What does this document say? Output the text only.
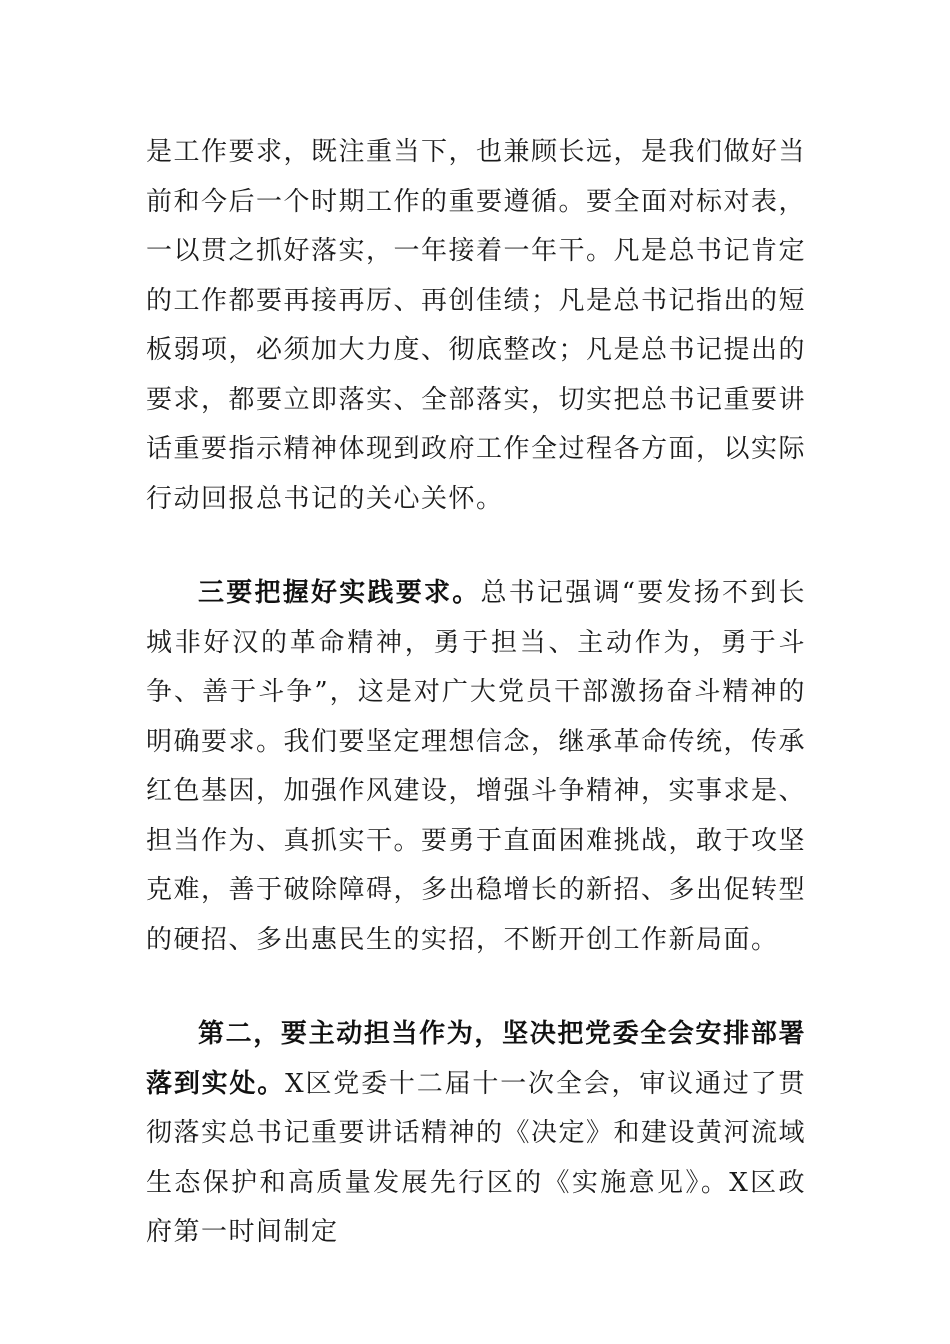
是工作要求，既注重当下，也兼顾长远，是我们做好当前和今后一个时期工作的重要遵循。要全面对标对表，一以贯之抓好落实，一年接着一年干。凡是总书记肯定的工作都要再接再厉、再创佳绩；凡是总书记指出的短板弱项，必须加大力度、彻底整改；凡是总书记提出的要求，都要立即落实、全部落实，切实把总书记重要讲话重要指示精神体现到政府工作全过程各方面，以实际行动回报总书记的关心关怀。

三要把握好实践要求。总书记强调“要发扬不到长城非好汉的革命精神，勇于担当、主动作为，勇于斗争、善于斗争”，这是对广大党员干部激扬奋斗精神的明确要求。我们要坚定理想信念，继承革命传统，传承红色基因，加强作风建设，增强斗争精神，实事求是、担当作为、真抓实干。要勇于直面困难挑战，敢于攻坚克难，善于破除障碍，多出稳增长的新招、多出促转型的硬招、多出惠民生的实招，不断开创工作新局面。

第二，要主动担当作为，坚决把党委全会安排部署落到实处。X区党委十二届十一次全会，审议通过了贯彻落实总书记重要讲话精神的《决定》和建设黄河流域生态保护和高质量发展先行区的《实施意见》。X区政府第一时间制定
